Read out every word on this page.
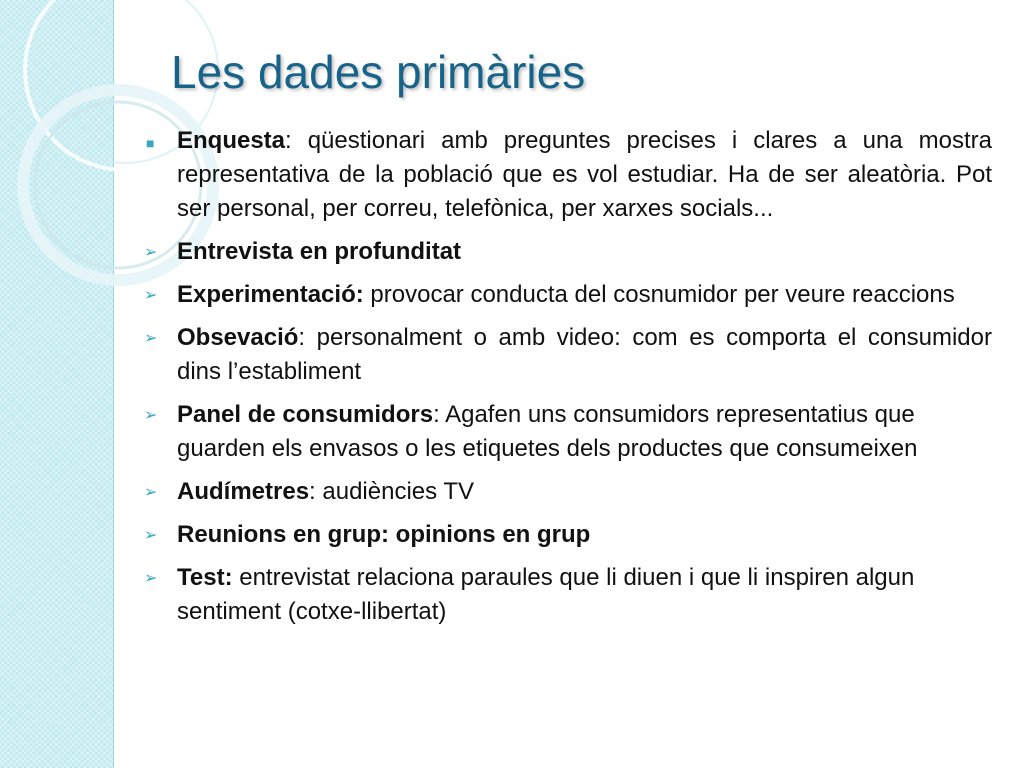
Les dades primàries
■ Enquesta: qüestionari amb preguntes precises i clares a una mostra representativa de la població que es vol estudiar. Ha de ser aleatòria. Pot ser personal, per correu, telefònica, per xarxes socials...
➢ Entrevista en profunditat
➢ Experimentació: provocar conducta del cosnumidor per veure reaccions
➢ Obsevació: personalment o amb video: com es comporta el consumidor dins l’establiment
➢ Panel de consumidors: Agafen uns consumidors representatius que guarden els envasos o les etiquetes dels productes que consumeixen
➢ Audímetres: audiències TV
➢ Reunions en grup: opinions en grup
➢ Test: entrevistat relaciona paraules que li diuen i que li inspiren algun sentiment (cotxe-llibertat)
